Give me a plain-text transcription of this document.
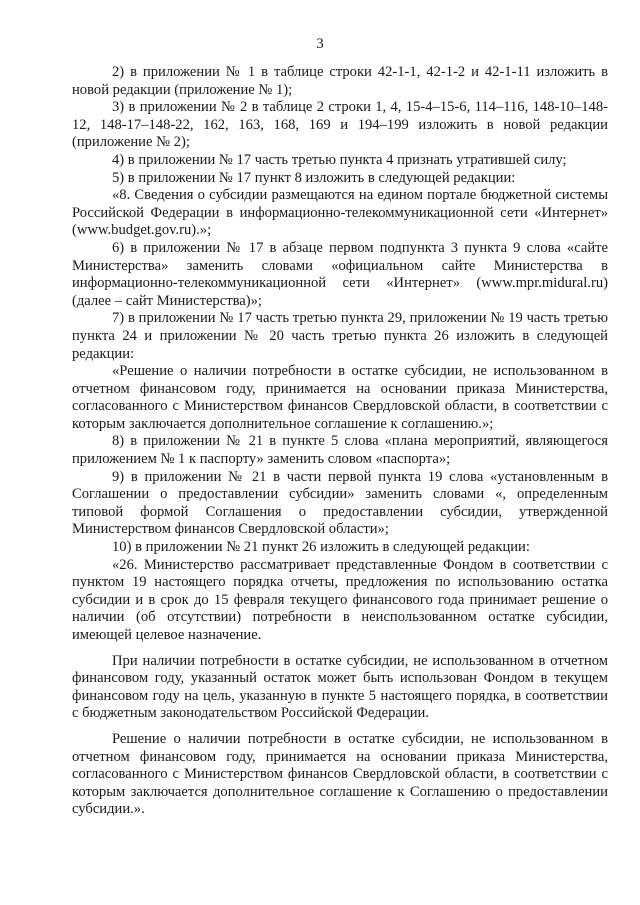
3

2) в приложении № 1 в таблице строки 42-1-1, 42-1-2 и 42-1-11 изложить в новой редакции (приложение № 1);

3) в приложении № 2 в таблице 2 строки 1, 4, 15-4–15-6, 114–116, 148-10–148-12, 148-17–148-22, 162, 163, 168, 169 и 194–199 изложить в новой редакции (приложение № 2);

4) в приложении № 17 часть третью пункта 4 признать утратившей силу;

5) в приложении № 17 пункт 8 изложить в следующей редакции:

«8. Сведения о субсидии размещаются на едином портале бюджетной системы Российской Федерации в информационно-телекоммуникационной сети «Интернет» (www.budget.gov.ru).»;

6) в приложении № 17 в абзаце первом подпункта 3 пункта 9 слова «сайте Министерства» заменить словами «официальном сайте Министерства в информационно-телекоммуникационной сети «Интернет» (www.mpr.midural.ru) (далее – сайт Министерства)»;

7) в приложении № 17 часть третью пункта 29, приложении № 19 часть третью пункта 24 и приложении № 20 часть третью пункта 26 изложить в следующей редакции:

«Решение о наличии потребности в остатке субсидии, не использованном в отчетном финансовом году, принимается на основании приказа Министерства, согласованного с Министерством финансов Свердловской области, в соответствии с которым заключается дополнительное соглашение к соглашению.»;

8) в приложении № 21 в пункте 5 слова «плана мероприятий, являющегося приложением № 1 к паспорту» заменить словом «паспорта»;

9) в приложении № 21 в части первой пункта 19 слова «установленным в Соглашении о предоставлении субсидии» заменить словами «, определенным типовой формой Соглашения о предоставлении субсидии, утвержденной Министерством финансов Свердловской области»;

10) в приложении № 21 пункт 26 изложить в следующей редакции:

«26. Министерство рассматривает представленные Фондом в соответствии с пунктом 19 настоящего порядка отчеты, предложения по использованию остатка субсидии и в срок до 15 февраля текущего финансового года принимает решение о наличии (об отсутствии) потребности в неиспользованном остатке субсидии, имеющей целевое назначение.

При наличии потребности в остатке субсидии, не использованном в отчетном финансовом году, указанный остаток может быть использован Фондом в текущем финансовом году на цель, указанную в пункте 5 настоящего порядка, в соответствии с бюджетным законодательством Российской Федерации.

Решение о наличии потребности в остатке субсидии, не использованном в отчетном финансовом году, принимается на основании приказа Министерства, согласованного с Министерством финансов Свердловской области, в соответствии с которым заключается дополнительное соглашение к Соглашению о предоставлении субсидии.».
